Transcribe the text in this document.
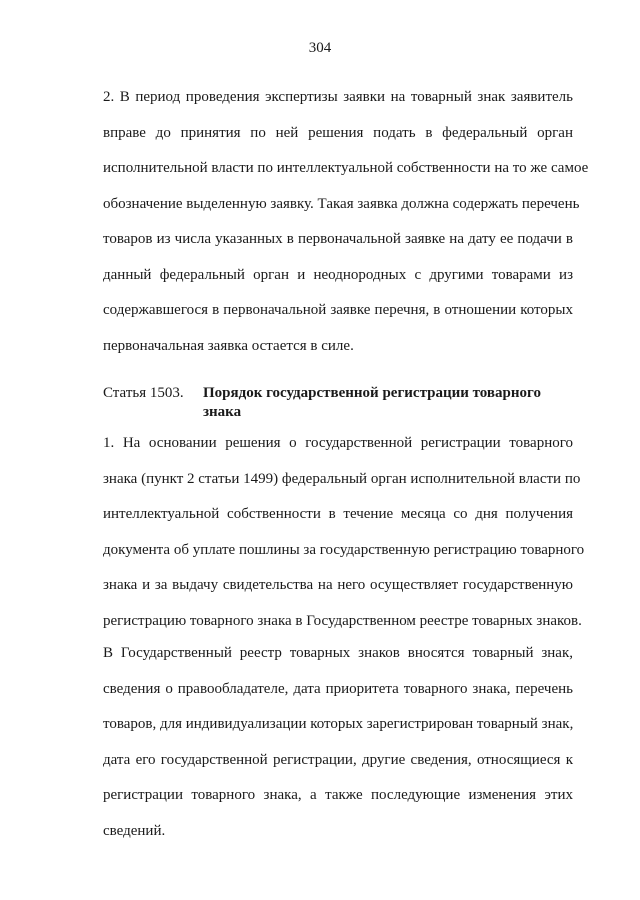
304
2. В период проведения экспертизы заявки на товарный знак заявитель
вправе до принятия по ней решения подать в федеральный орган
исполнительной власти по интеллектуальной собственности на то же самое
обозначение выделенную заявку. Такая заявка должна содержать перечень
товаров из числа указанных в первоначальной заявке на дату ее подачи в
данный федеральный орган и неоднородных с другими товарами из
содержавшегося в первоначальной заявке перечня, в отношении которых
первоначальная заявка остается в силе.
Статья 1503. Порядок государственной регистрации товарного знака
1. На основании решения о государственной регистрации товарного
знака (пункт 2 статьи 1499) федеральный орган исполнительной власти по
интеллектуальной собственности в течение месяца со дня получения
документа об уплате пошлины за государственную регистрацию товарного
знака и за выдачу свидетельства на него осуществляет государственную
регистрацию товарного знака в Государственном реестре товарных знаков.
В Государственный реестр товарных знаков вносятся товарный знак,
сведения о правообладателе, дата приоритета товарного знака, перечень
товаров, для индивидуализации которых зарегистрирован товарный знак,
дата его государственной регистрации, другие сведения, относящиеся к
регистрации товарного знака, а также последующие изменения этих
сведений.
